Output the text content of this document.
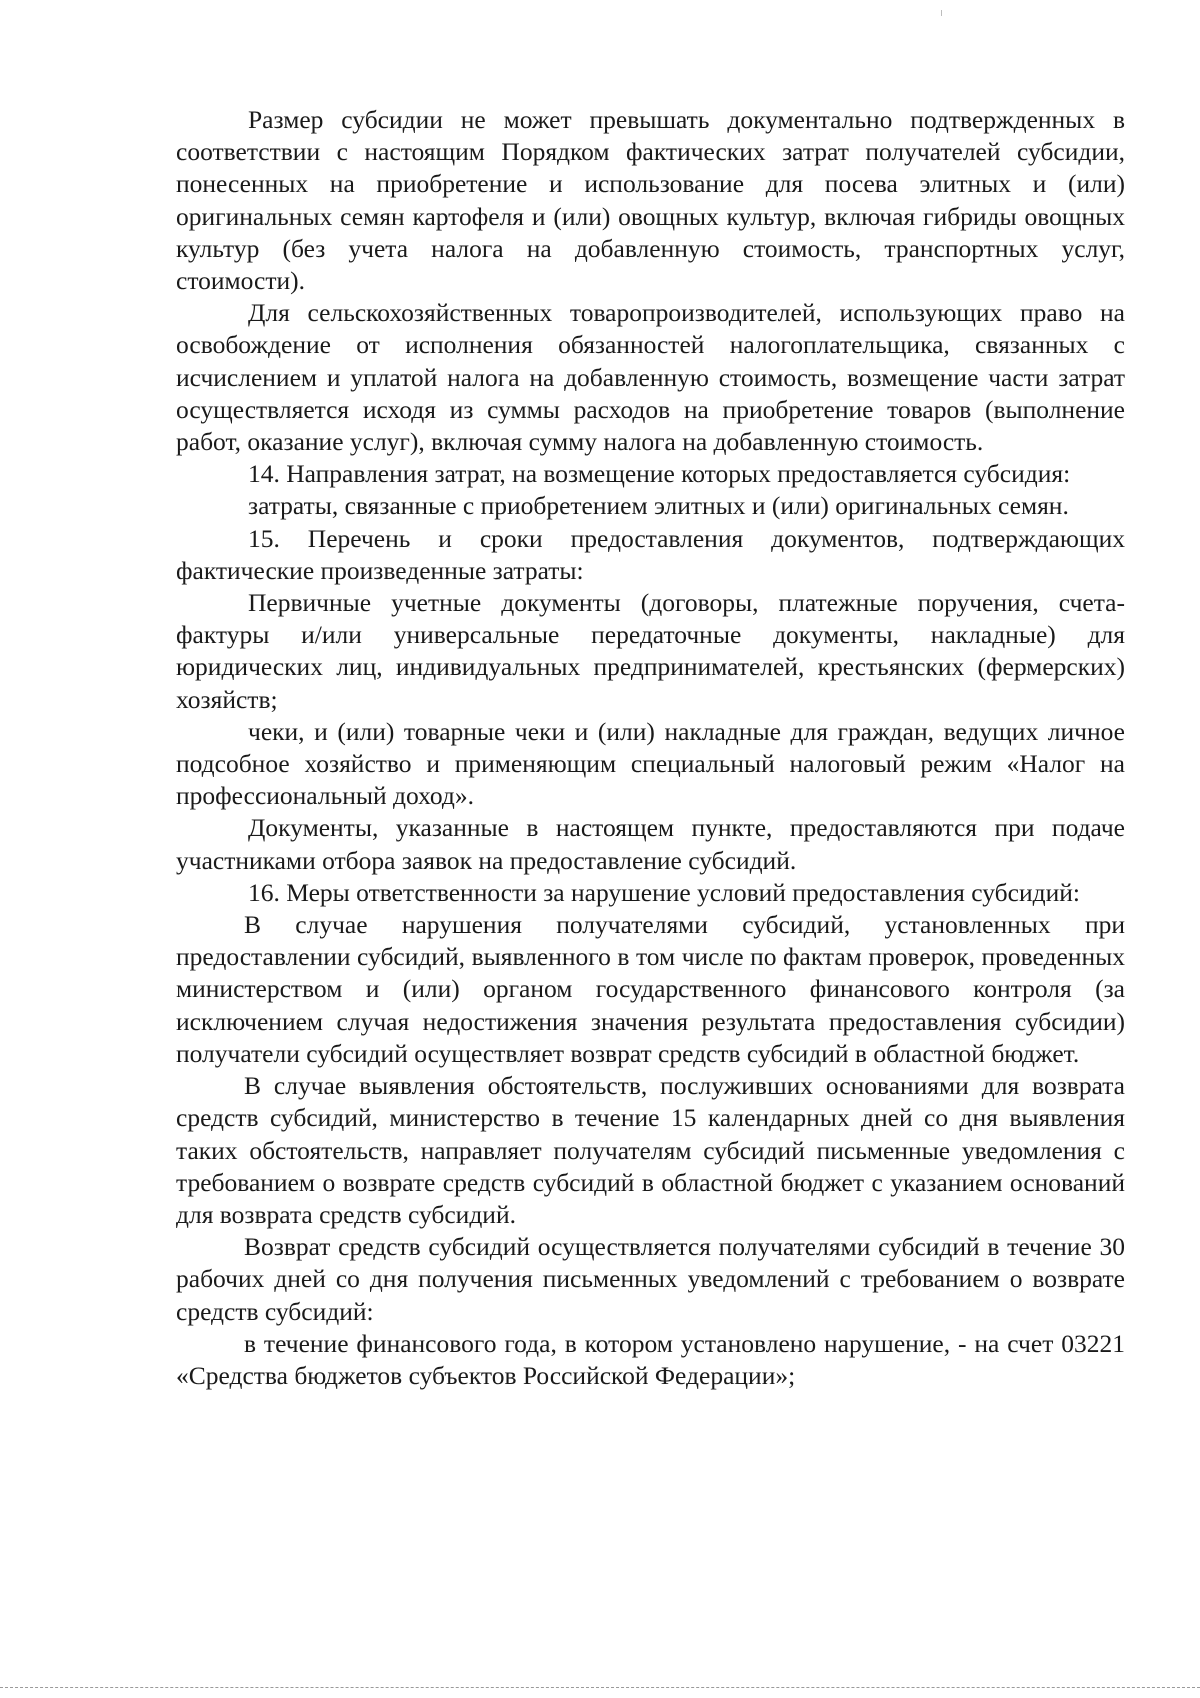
Размер субсидии не может превышать документально подтвержденных в соответствии с настоящим Порядком фактических затрат получателей субсидии, понесенных на приобретение и использование для посева элитных и (или) оригинальных семян картофеля и (или) овощных культур, включая гибриды овощных культур (без учета налога на добавленную стоимость, транспортных услуг, стоимости).

Для сельскохозяйственных товаропроизводителей, использующих право на освобождение от исполнения обязанностей налогоплательщика, связанных с исчислением и уплатой налога на добавленную стоимость, возмещение части затрат осуществляется исходя из суммы расходов на приобретение товаров (выполнение работ, оказание услуг), включая сумму налога на добавленную стоимость.

14. Направления затрат, на возмещение которых предоставляется субсидия:

затраты, связанные с приобретением элитных и (или) оригинальных семян.

15. Перечень и сроки предоставления документов, подтверждающих фактические произведенные затраты:

Первичные учетные документы (договоры, платежные поручения, счета-фактуры и/или универсальные передаточные документы, накладные) для юридических лиц, индивидуальных предпринимателей, крестьянских (фермерских) хозяйств;

чеки, и (или) товарные чеки и (или) накладные для граждан, ведущих личное подсобное хозяйство и применяющим специальный налоговый режим «Налог на профессиональный доход».

Документы, указанные в настоящем пункте, предоставляются при подаче участниками отбора заявок на предоставление субсидий.

16. Меры ответственности за нарушение условий предоставления субсидий:

В случае нарушения получателями субсидий, установленных при предоставлении субсидий, выявленного в том числе по фактам проверок, проведенных министерством и (или) органом государственного финансового контроля (за исключением случая недостижения значения результата предоставления субсидии) получатели субсидий осуществляет возврат средств субсидий в областной бюджет.

В случае выявления обстоятельств, послуживших основаниями для возврата средств субсидий, министерство в течение 15 календарных дней со дня выявления таких обстоятельств, направляет получателям субсидий письменные уведомления с требованием о возврате средств субсидий в областной бюджет с указанием оснований для возврата средств субсидий.

Возврат средств субсидий осуществляется получателями субсидий в течение 30 рабочих дней со дня получения письменных уведомлений с требованием о возврате средств субсидий:

в течение финансового года, в котором установлено нарушение, - на счет 03221 «Средства бюджетов субъектов Российской Федерации»;
